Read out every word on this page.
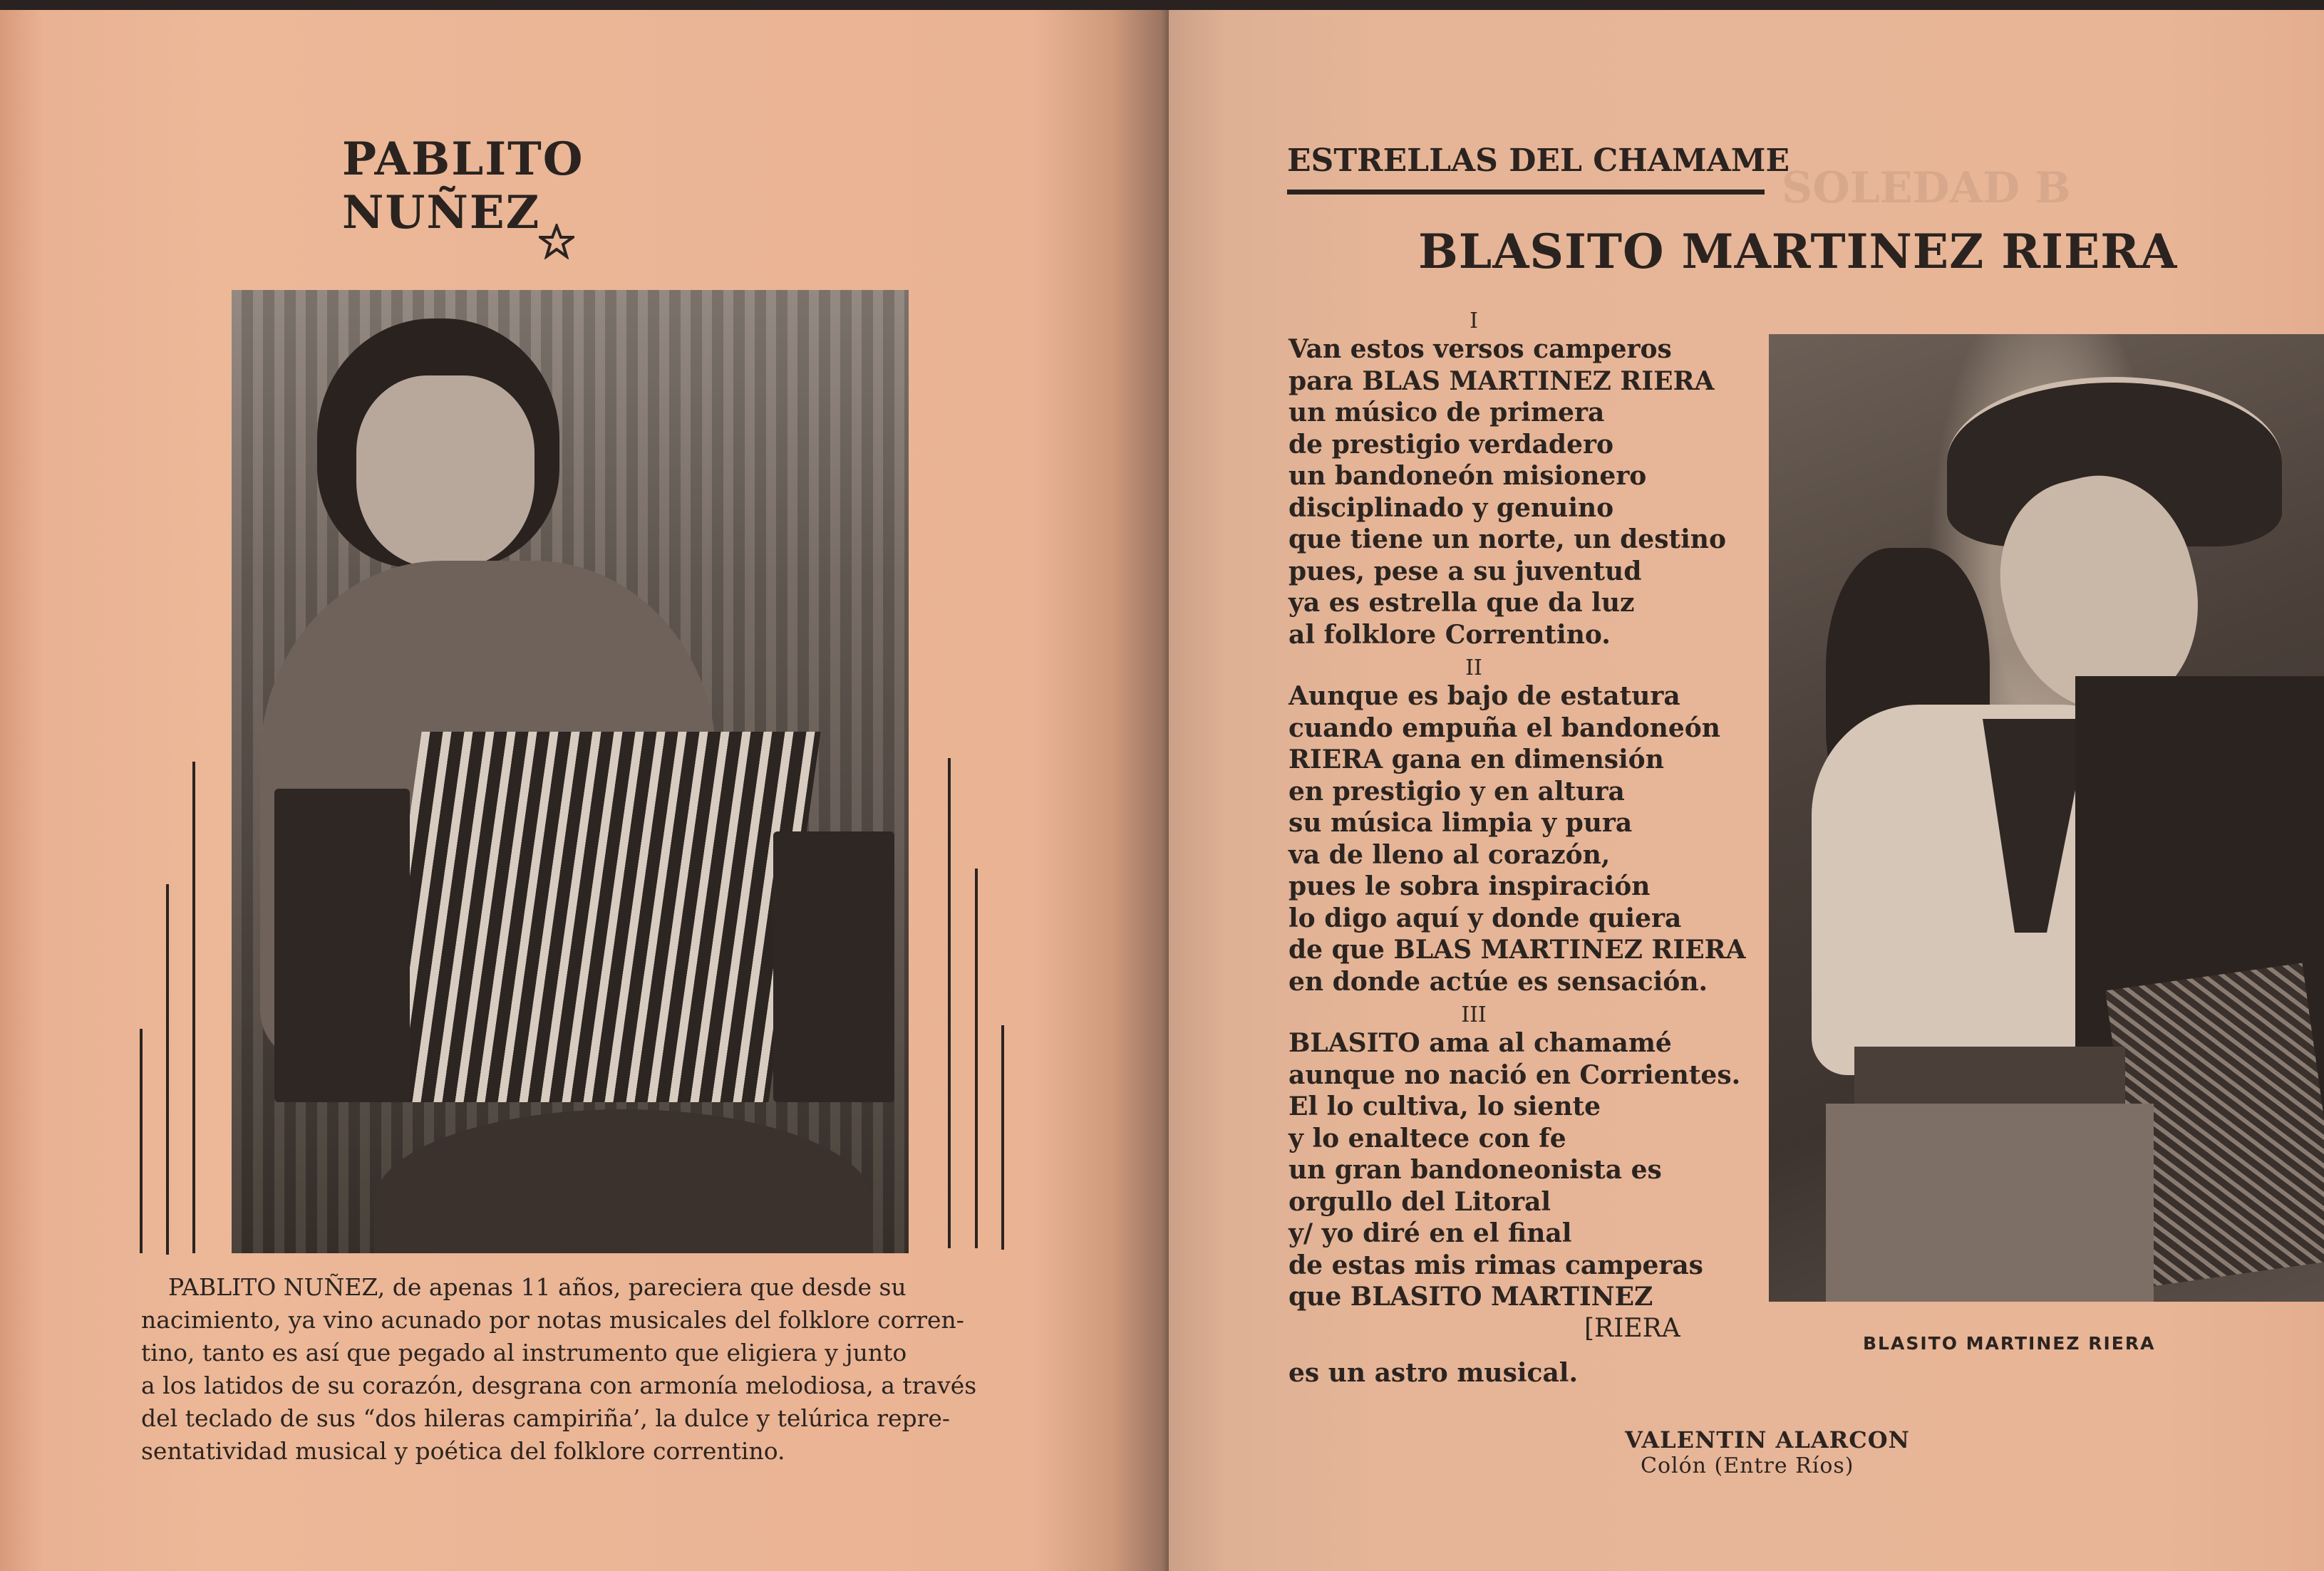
PABLITO NUÑEZ

PABLITO NUÑEZ, de apenas 11 años, pareciera que desde su

nacimiento, ya vino acunado por notas musicales del folklore corren-

tino, tanto es así que pegado al instrumento que eligiera y junto

a los latidos de su corazón, desgrana con armonía melodiosa, a través

del teclado de sus “dos hileras campiriña’, la dulce y telúrica repre-

sentatividad musical y poética del folklore correntino.

SOLEDAD B
ESTRELLAS DEL CHAMAME
BLASITO MARTINEZ RIERA
I
Van estos versos camperos
para BLAS MARTINEZ RIERA
un músico de primera
de prestigio verdadero
un bandoneón misionero
disciplinado y genuino
que tiene un norte, un destino
pues, pese a su juventud
ya es estrella que da luz
al folklore Correntino.
II
Aunque es bajo de estatura
cuando empuña el bandoneón
RIERA gana en dimensión
en prestigio y en altura
su música limpia y pura
va de lleno al corazón,
pues le sobra inspiración
lo digo aquí y donde quiera
de que BLAS MARTINEZ RIERA
en donde actúe es sensación.
III
BLASITO ama al chamamé
aunque no nació en Corrientes.
El lo cultiva, lo siente
y lo enaltece con fe
un gran bandoneonista es
orgullo del Litoral
y/ yo diré en el final
de estas mis rimas camperas
que BLASITO MARTINEZ
[RIERA
es un astro musical.
BLASITO MARTINEZ RIERA
VALENTIN ALARCON
Colón (Entre Ríos)
